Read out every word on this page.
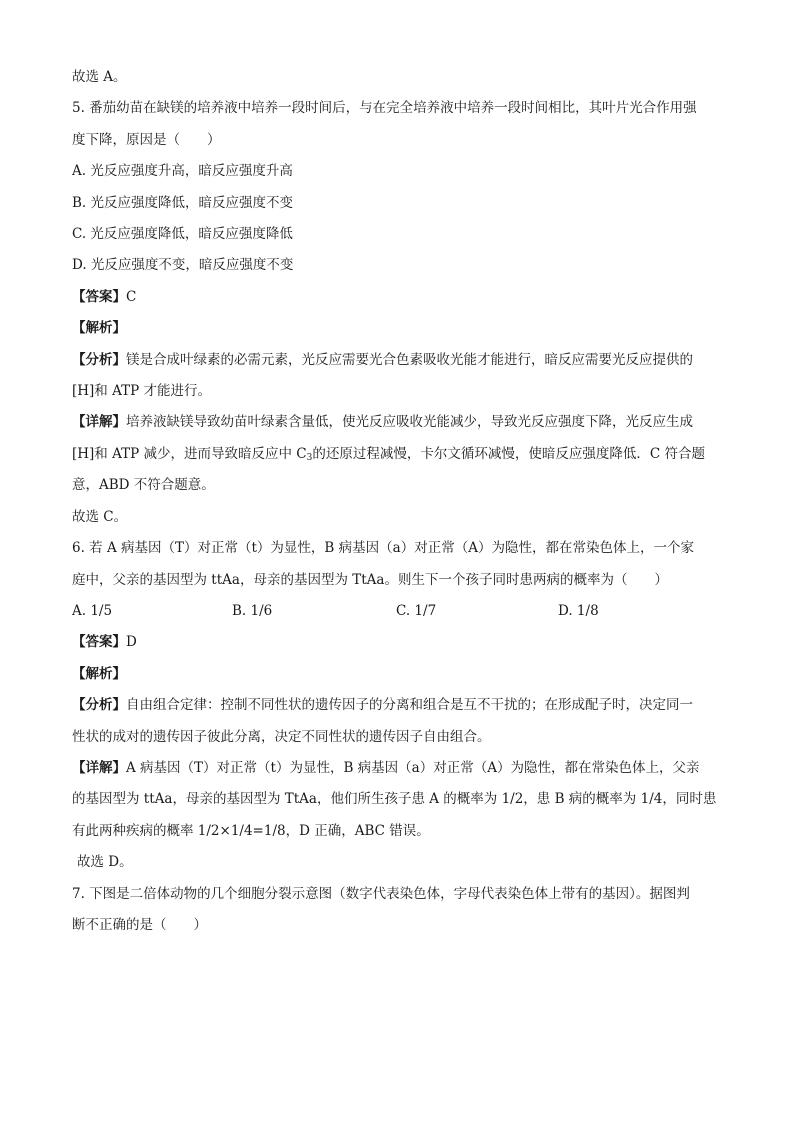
故选 A。
5. 番茄幼苗在缺镁的培养液中培养一段时间后，与在完全培养液中培养一段时间相比，其叶片光合作用强
度下降，原因是（　　）
A. 光反应强度升高，暗反应强度升高
B. 光反应强度降低，暗反应强度不变
C. 光反应强度降低，暗反应强度降低
D. 光反应强度不变，暗反应强度不变
【答案】C
【解析】
【分析】镁是合成叶绿素的必需元素，光反应需要光合色素吸收光能才能进行，暗反应需要光反应提供的
[H]和 ATP 才能进行。
【详解】培养液缺镁导致幼苗叶绿素含量低，使光反应吸收光能减少，导致光反应强度下降，光反应生成
[H]和 ATP 减少，进而导致暗反应中 $C_3$的还原过程减慢，卡尔文循环减慢，使暗反应强度降低．C 符合题
意，ABD 不符合题意。
故选 C。
6. 若 A 病基因（T）对正常（t）为显性，B 病基因（a）对正常（A）为隐性，都在常染色体上，一个家
庭中，父亲的基因型为 ttAa，母亲的基因型为 TtAa。则生下一个孩子同时患两病的概率为（　　）
A. 1/5	B. 1/6	C. 1/7	D. 1/8
【答案】D
【解析】
【分析】自由组合定律：控制不同性状的遗传因子的分离和组合是互不干扰的；在形成配子时，决定同一
性状的成对的遗传因子彼此分离，决定不同性状的遗传因子自由组合。
【详解】A 病基因（T）对正常（t）为显性，B 病基因（a）对正常（A）为隐性，都在常染色体上，父亲
的基因型为 ttAa，母亲的基因型为 TtAa，他们所生孩子患 A 的概率为 1/2，患 B 病的概率为 1/4，同时患
有此两种疾病的概率 1/2×1/4=1/8，D 正确，ABC 错误。
故选 D。
7. 下图是二倍体动物的几个细胞分裂示意图（数字代表染色体，字母代表染色体上带有的基因）。据图判
断不正确的是（　　）
